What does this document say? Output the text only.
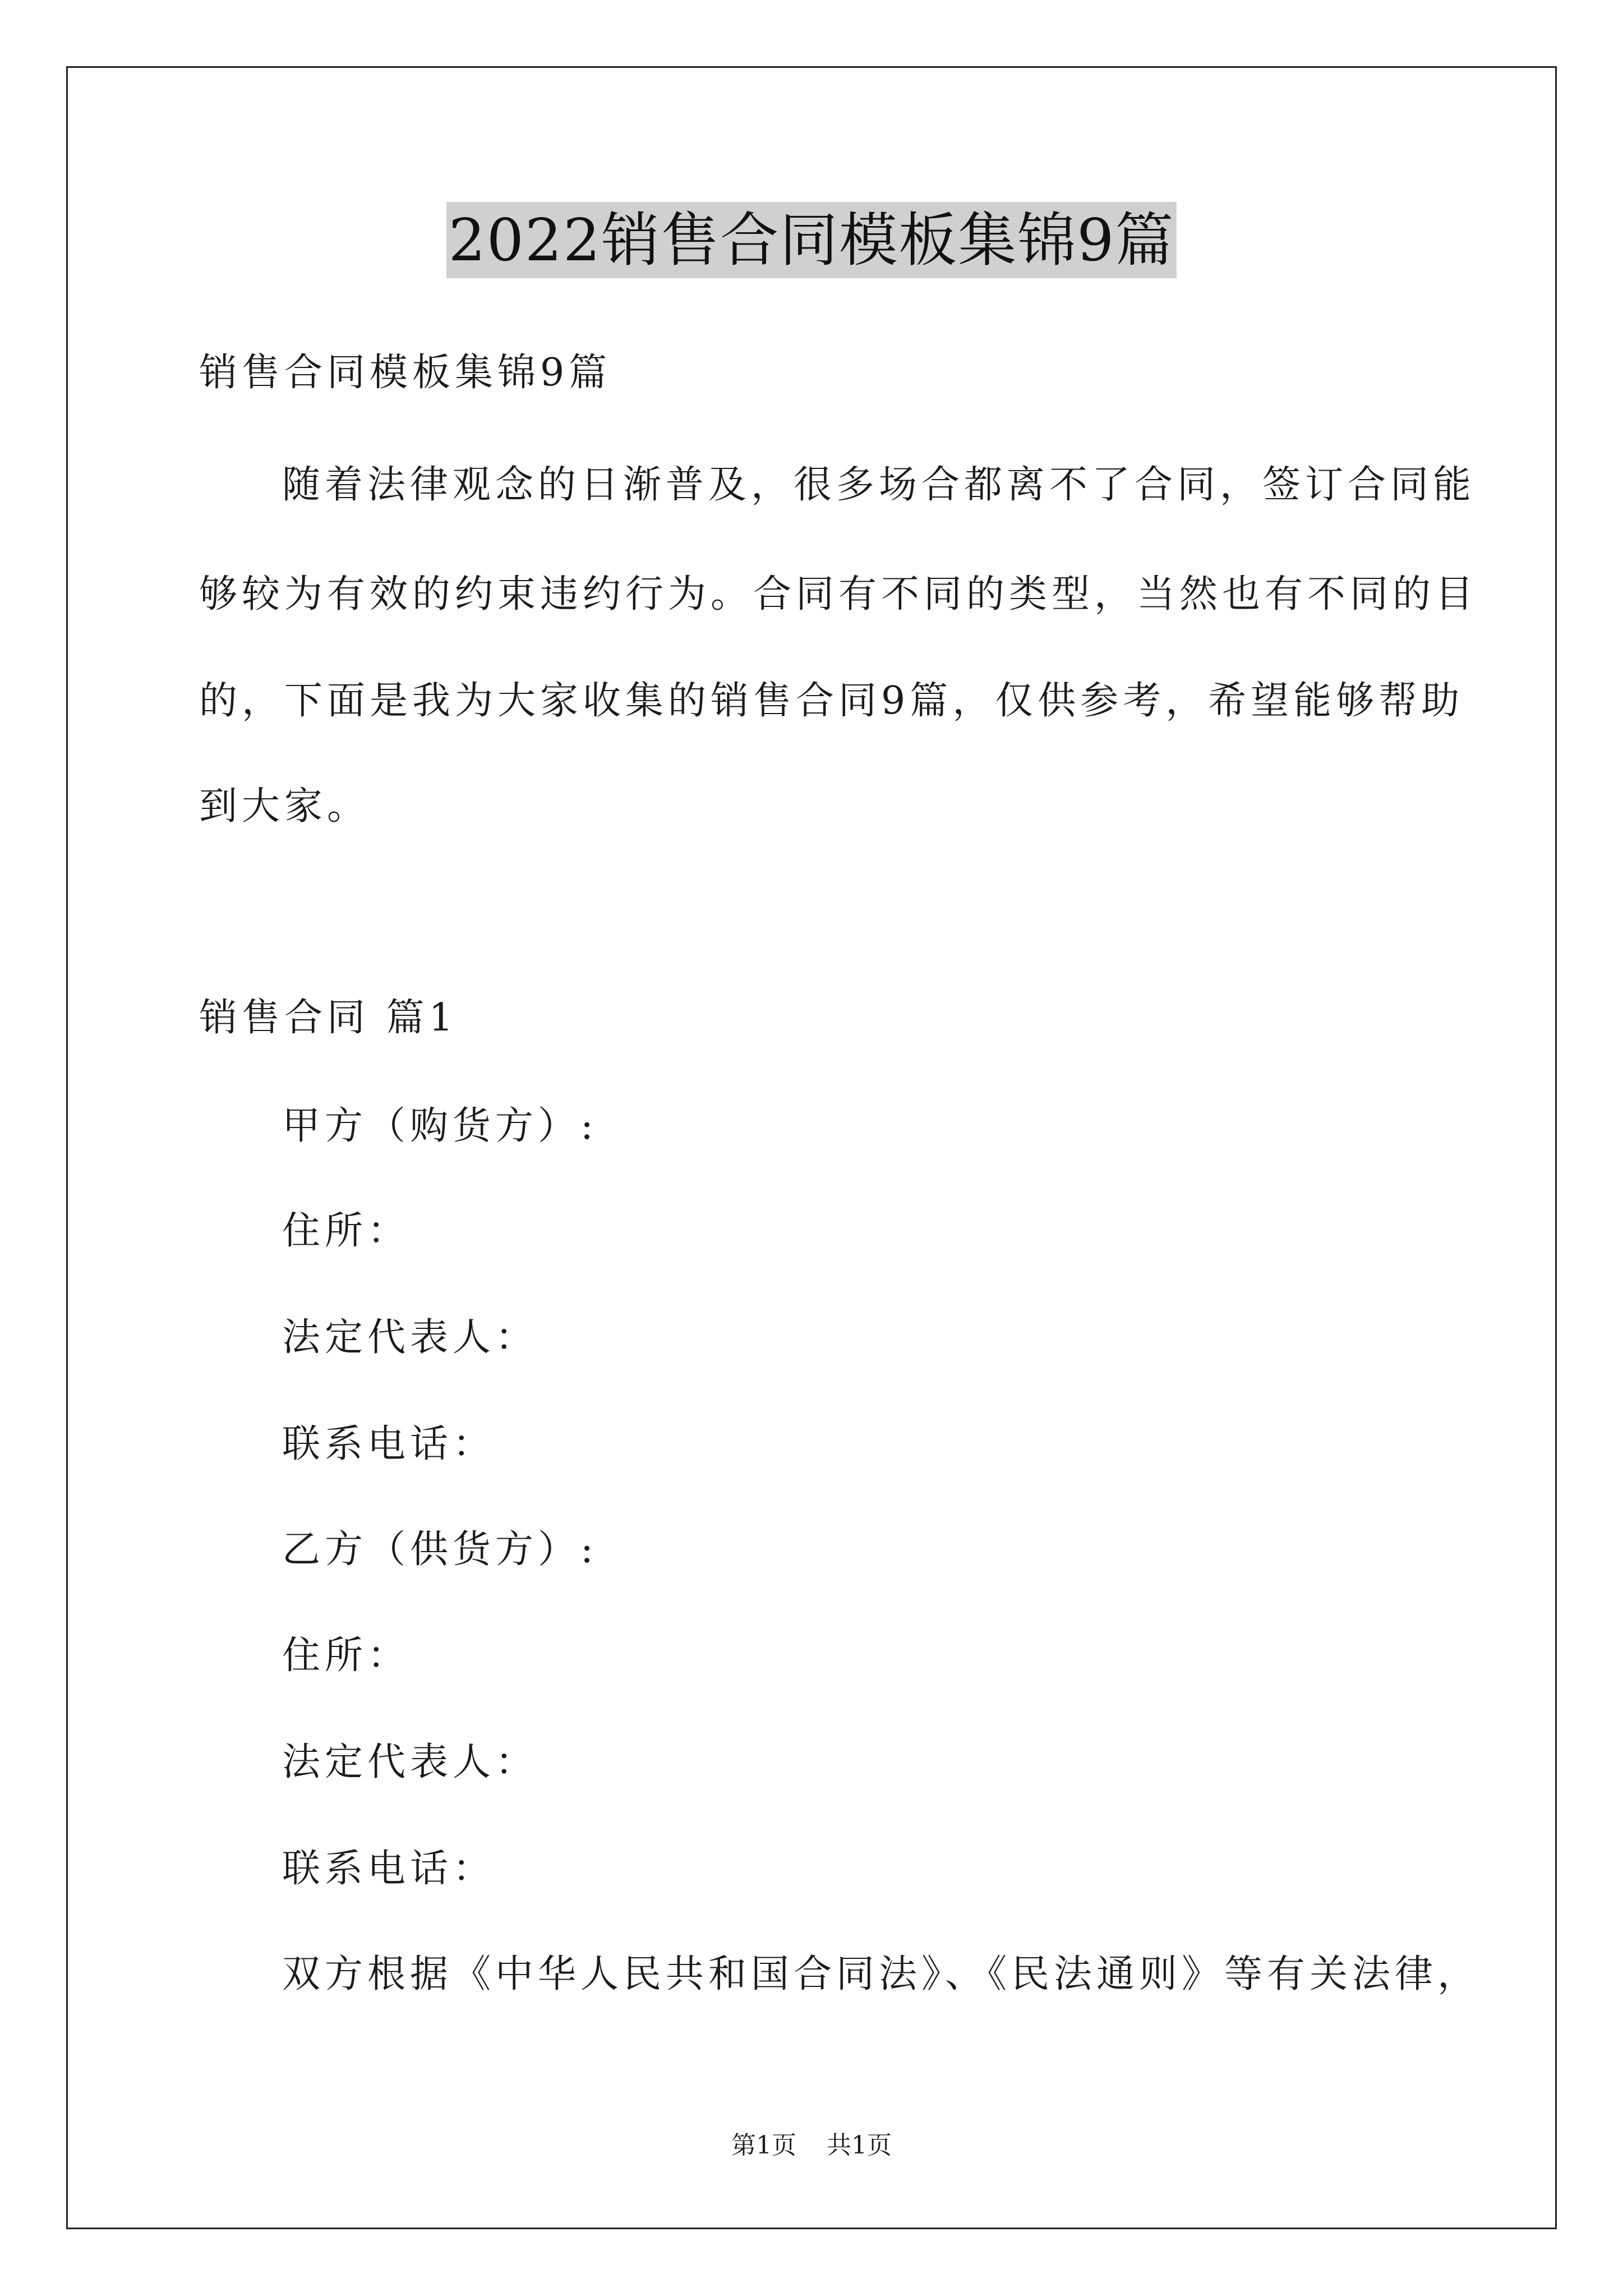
2022销售合同模板集锦9篇
销售合同模板集锦9篇
随着法律观念的日渐普及，很多场合都离不了合同，签订合同能
够较为有效的约束违约行为。合同有不同的类型，当然也有不同的目
的，下面是我为大家收集的销售合同9篇，仅供参考，希望能够帮助
到大家。
销售合同 篇1
甲方（购货方）:
住所：
法定代表人：
联系电话：
乙方（供货方）:
住所：
法定代表人：
联系电话：
双方根据《中华人民共和国合同法》、《民法通则》等有关法律，
第1页 共1页
